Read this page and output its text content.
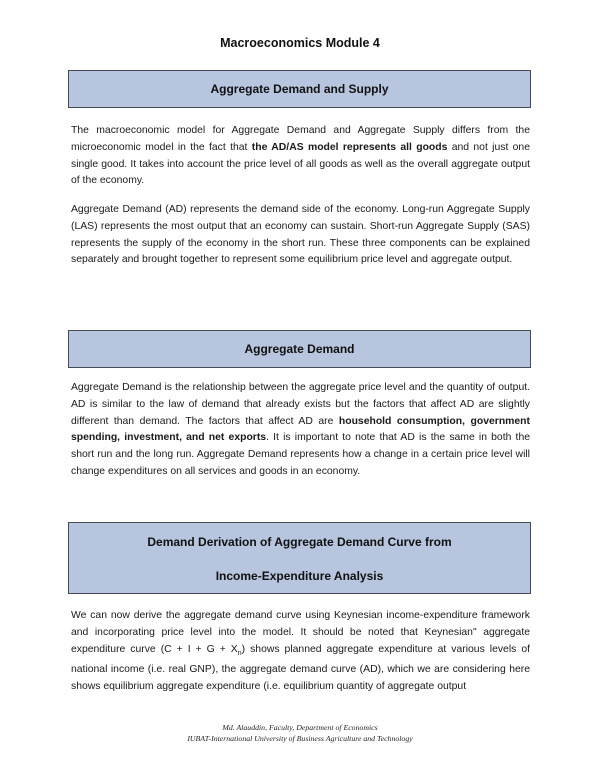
Macroeconomics Module 4
Aggregate Demand and Supply

The macroeconomic model for Aggregate Demand and Aggregate Supply differs from the microeconomic model in the fact that the AD/AS model represents all goods and not just one single good. It takes into account the price level of all goods as well as the overall aggregate output of the economy.

Aggregate Demand (AD) represents the demand side of the economy. Long-run Aggregate Supply (LAS) represents the most output that an economy can sustain. Short-run Aggregate Supply (SAS) represents the supply of the economy in the short run. These three components can be explained separately and brought together to represent some equilibrium price level and aggregate output.

Aggregate Demand

Aggregate Demand is the relationship between the aggregate price level and the quantity of output. AD is similar to the law of demand that already exists but the factors that affect AD are slightly different than demand. The factors that affect AD are household consumption, government spending, investment, and net exports. It is important to note that AD is the same in both the short run and the long run. Aggregate Demand represents how a change in a certain price level will change expenditures on all services and goods in an economy.

Demand Derivation of Aggregate Demand Curve from
Income-Expenditure Analysis

We can now derive the aggregate demand curve using Keynesian income-expenditure framework and incorporating price level into the model. It should be noted that Keynesian" aggregate expenditure curve $(C + I + G + X_n)$ shows planned aggregate expenditure at various levels of national income (i.e. real GNP), the aggregate demand curve (AD), which we are considering here shows equilibrium aggregate expenditure (i.e. equilibrium quantity of aggregate output

Md. Alauddin, Faculty, Department of Economics
IUBAT-International University of Business Agriculture and Technology
